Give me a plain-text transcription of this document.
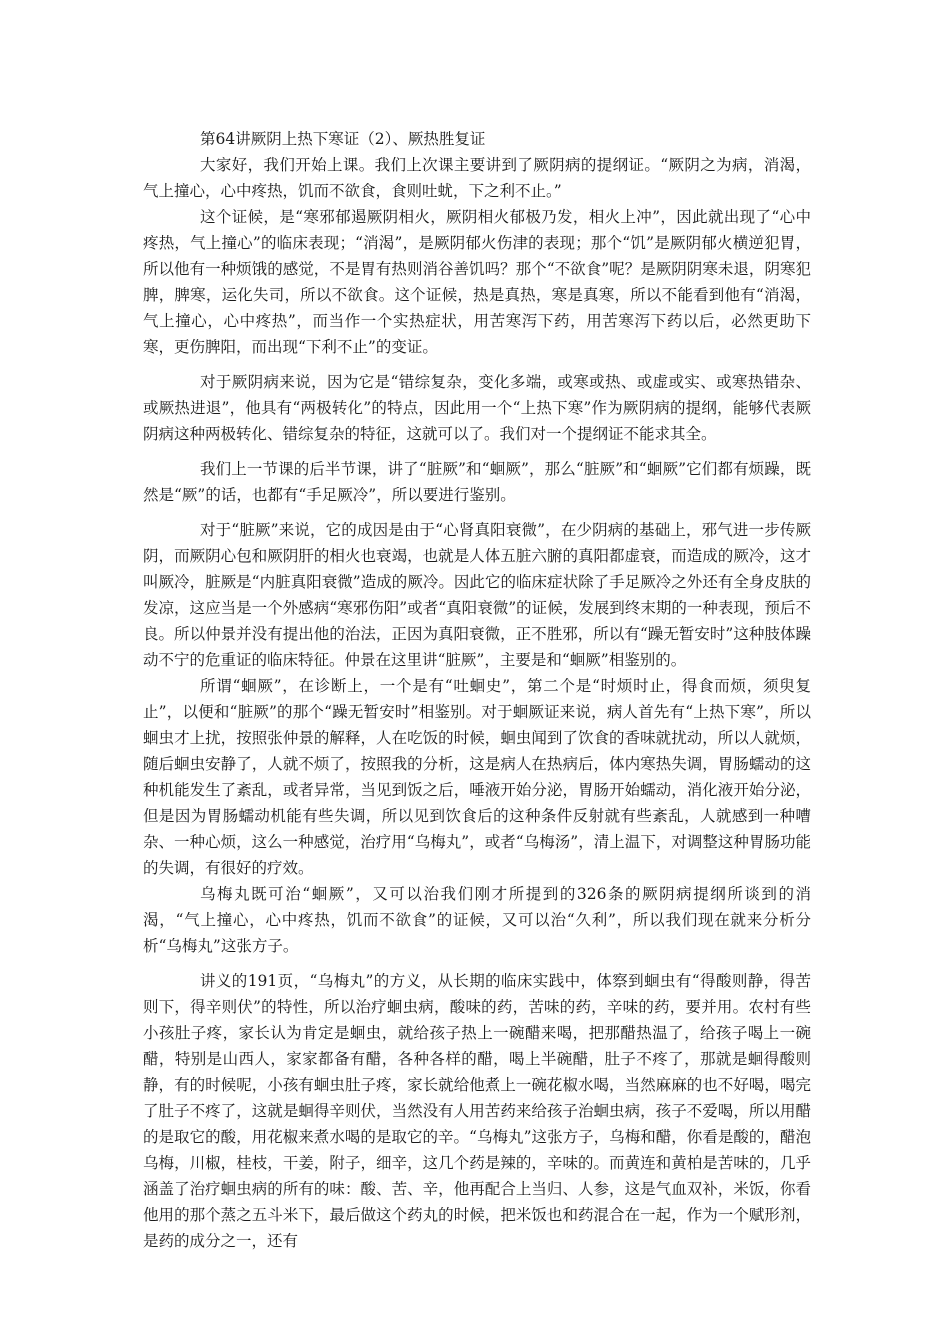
第64讲厥阴上热下寒证（2）、厥热胜复证

大家好，我们开始上课。我们上次课主要讲到了厥阴病的提纲证。“厥阴之为病，消渴，气上撞心，心中疼热，饥而不欲食，食则吐蚘，下之利不止。”

这个证候，是“寒邪郁遏厥阴相火，厥阴相火郁极乃发，相火上冲”，因此就出现了“心中疼热，气上撞心”的临床表现；“消渴”，是厥阴郁火伤津的表现；那个“饥”是厥阴郁火横逆犯胃，所以他有一种烦饿的感觉，不是胃有热则消谷善饥吗？那个“不欲食”呢？是厥阴阴寒未退，阴寒犯脾，脾寒，运化失司，所以不欲食。这个证候，热是真热，寒是真寒，所以不能看到他有“消渴，气上撞心，心中疼热”，而当作一个实热症状，用苦寒泻下药，用苦寒泻下药以后，必然更助下寒，更伤脾阳，而出现“下利不止”的变证。

对于厥阴病来说，因为它是“错综复杂，变化多端，或寒或热、或虚或实、或寒热错杂、或厥热进退”，他具有“两极转化”的特点，因此用一个“上热下寒”作为厥阴病的提纲，能够代表厥阴病这种两极转化、错综复杂的特征，这就可以了。我们对一个提纲证不能求其全。

我们上一节课的后半节课，讲了“脏厥”和“蛔厥”，那么“脏厥”和“蛔厥”它们都有烦躁，既然是“厥”的话，也都有“手足厥冷”，所以要进行鉴别。

对于“脏厥”来说，它的成因是由于“心肾真阳衰微”，在少阴病的基础上，邪气进一步传厥阴，而厥阴心包和厥阴肝的相火也衰竭，也就是人体五脏六腑的真阳都虚衰，而造成的厥冷，这才叫厥冷，脏厥是“内脏真阳衰微”造成的厥冷。因此它的临床症状除了手足厥冷之外还有全身皮肤的发凉，这应当是一个外感病“寒邪伤阳”或者“真阳衰微”的证候，发展到终末期的一种表现，预后不良。所以仲景并没有提出他的治法，正因为真阳衰微，正不胜邪，所以有“躁无暂安时”这种肢体躁动不宁的危重证的临床特征。仲景在这里讲“脏厥”，主要是和“蛔厥”相鉴别的。

所谓“蛔厥”，在诊断上，一个是有“吐蛔史”，第二个是“时烦时止，得食而烦，须臾复止”，以便和“脏厥”的那个“躁无暂安时”相鉴别。对于蛔厥证来说，病人首先有“上热下寒”，所以蛔虫才上扰，按照张仲景的解释，人在吃饭的时候，蛔虫闻到了饮食的香味就扰动，所以人就烦，随后蛔虫安静了，人就不烦了，按照我的分析，这是病人在热病后，体内寒热失调，胃肠蠕动的这种机能发生了紊乱，或者异常，当见到饭之后，唾液开始分泌，胃肠开始蠕动，消化液开始分泌，但是因为胃肠蠕动机能有些失调，所以见到饮食后的这种条件反射就有些紊乱，人就感到一种嘈杂、一种心烦，这么一种感觉，治疗用“乌梅丸”，或者“乌梅汤”，清上温下，对调整这种胃肠功能的失调，有很好的疗效。

乌梅丸既可治“蛔厥”，又可以治我们刚才所提到的326条的厥阴病提纲所谈到的消渴，“气上撞心，心中疼热，饥而不欲食”的证候，又可以治“久利”，所以我们现在就来分析分析“乌梅丸”这张方子。

讲义的191页，“乌梅丸”的方义，从长期的临床实践中，体察到蛔虫有“得酸则静，得苦则下，得辛则伏”的特性，所以治疗蛔虫病，酸味的药，苦味的药，辛味的药，要并用。农村有些小孩肚子疼，家长认为肯定是蛔虫，就给孩子热上一碗醋来喝，把那醋热温了，给孩子喝上一碗醋，特别是山西人，家家都备有醋，各种各样的醋，喝上半碗醋，肚子不疼了，那就是蛔得酸则静，有的时候呢，小孩有蛔虫肚子疼，家长就给他煮上一碗花椒水喝，当然麻麻的也不好喝，喝完了肚子不疼了，这就是蛔得辛则伏，当然没有人用苦药来给孩子治蛔虫病，孩子不爱喝，所以用醋的是取它的酸，用花椒来煮水喝的是取它的辛。“乌梅丸”这张方子，乌梅和醋，你看是酸的，醋泡乌梅，川椒，桂枝，干姜，附子，细辛，这几个药是辣的，辛味的。而黄连和黄柏是苦味的，几乎涵盖了治疗蛔虫病的所有的味：酸、苦、辛，他再配合上当归、人参，这是气血双补，米饭，你看他用的那个蒸之五斗米下，最后做这个药丸的时候，把米饭也和药混合在一起，作为一个赋形剂，是药的成分之一，还有
